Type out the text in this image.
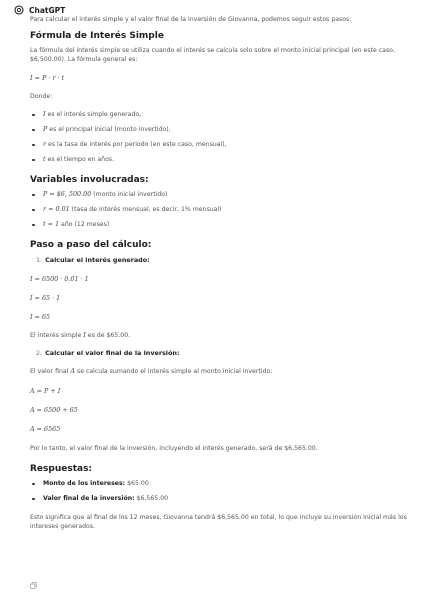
ChatGPT

Para calcular el interés simple y el valor final de la inversión de Giovanna, podemos seguir estos pasos:

Fórmula de Interés Simple

La fórmula del interés simple se utiliza cuando el interés se calcula solo sobre el monto inicial principal (en este caso, $6,500.00). La fórmula general es:

I = P · r · t

Donde:

I es el interés simple generado,
P es el principal inicial (monto invertido),
r es la tasa de interés por periodo (en este caso, mensual),
t es el tiempo en años.

Variables involucradas:

P = $6, 500.00 (monto inicial invertido)
r = 0.01 (tasa de interés mensual, es decir, 1% mensual)
t = 1 año (12 meses)

Paso a paso del cálculo:

1. Calcular el interés generado:

I = 6500 · 0.01 · 1

I = 65 · 1

I = 65

El interés simple I es de $65.00.

2. Calcular el valor final de la inversión:

El valor final A se calcula sumando el interés simple al monto inicial invertido:

A = P + I

A = 6500 + 65

A = 6565

Por lo tanto, el valor final de la inversión, incluyendo el interés generado, será de $6,565.00.

Respuestas:

Monto de los intereses: $65.00
Valor final de la inversión: $6,565.00

Esto significa que al final de los 12 meses, Giovanna tendrá $6,565.00 en total, lo que incluye su inversión inicial más los intereses generados.
